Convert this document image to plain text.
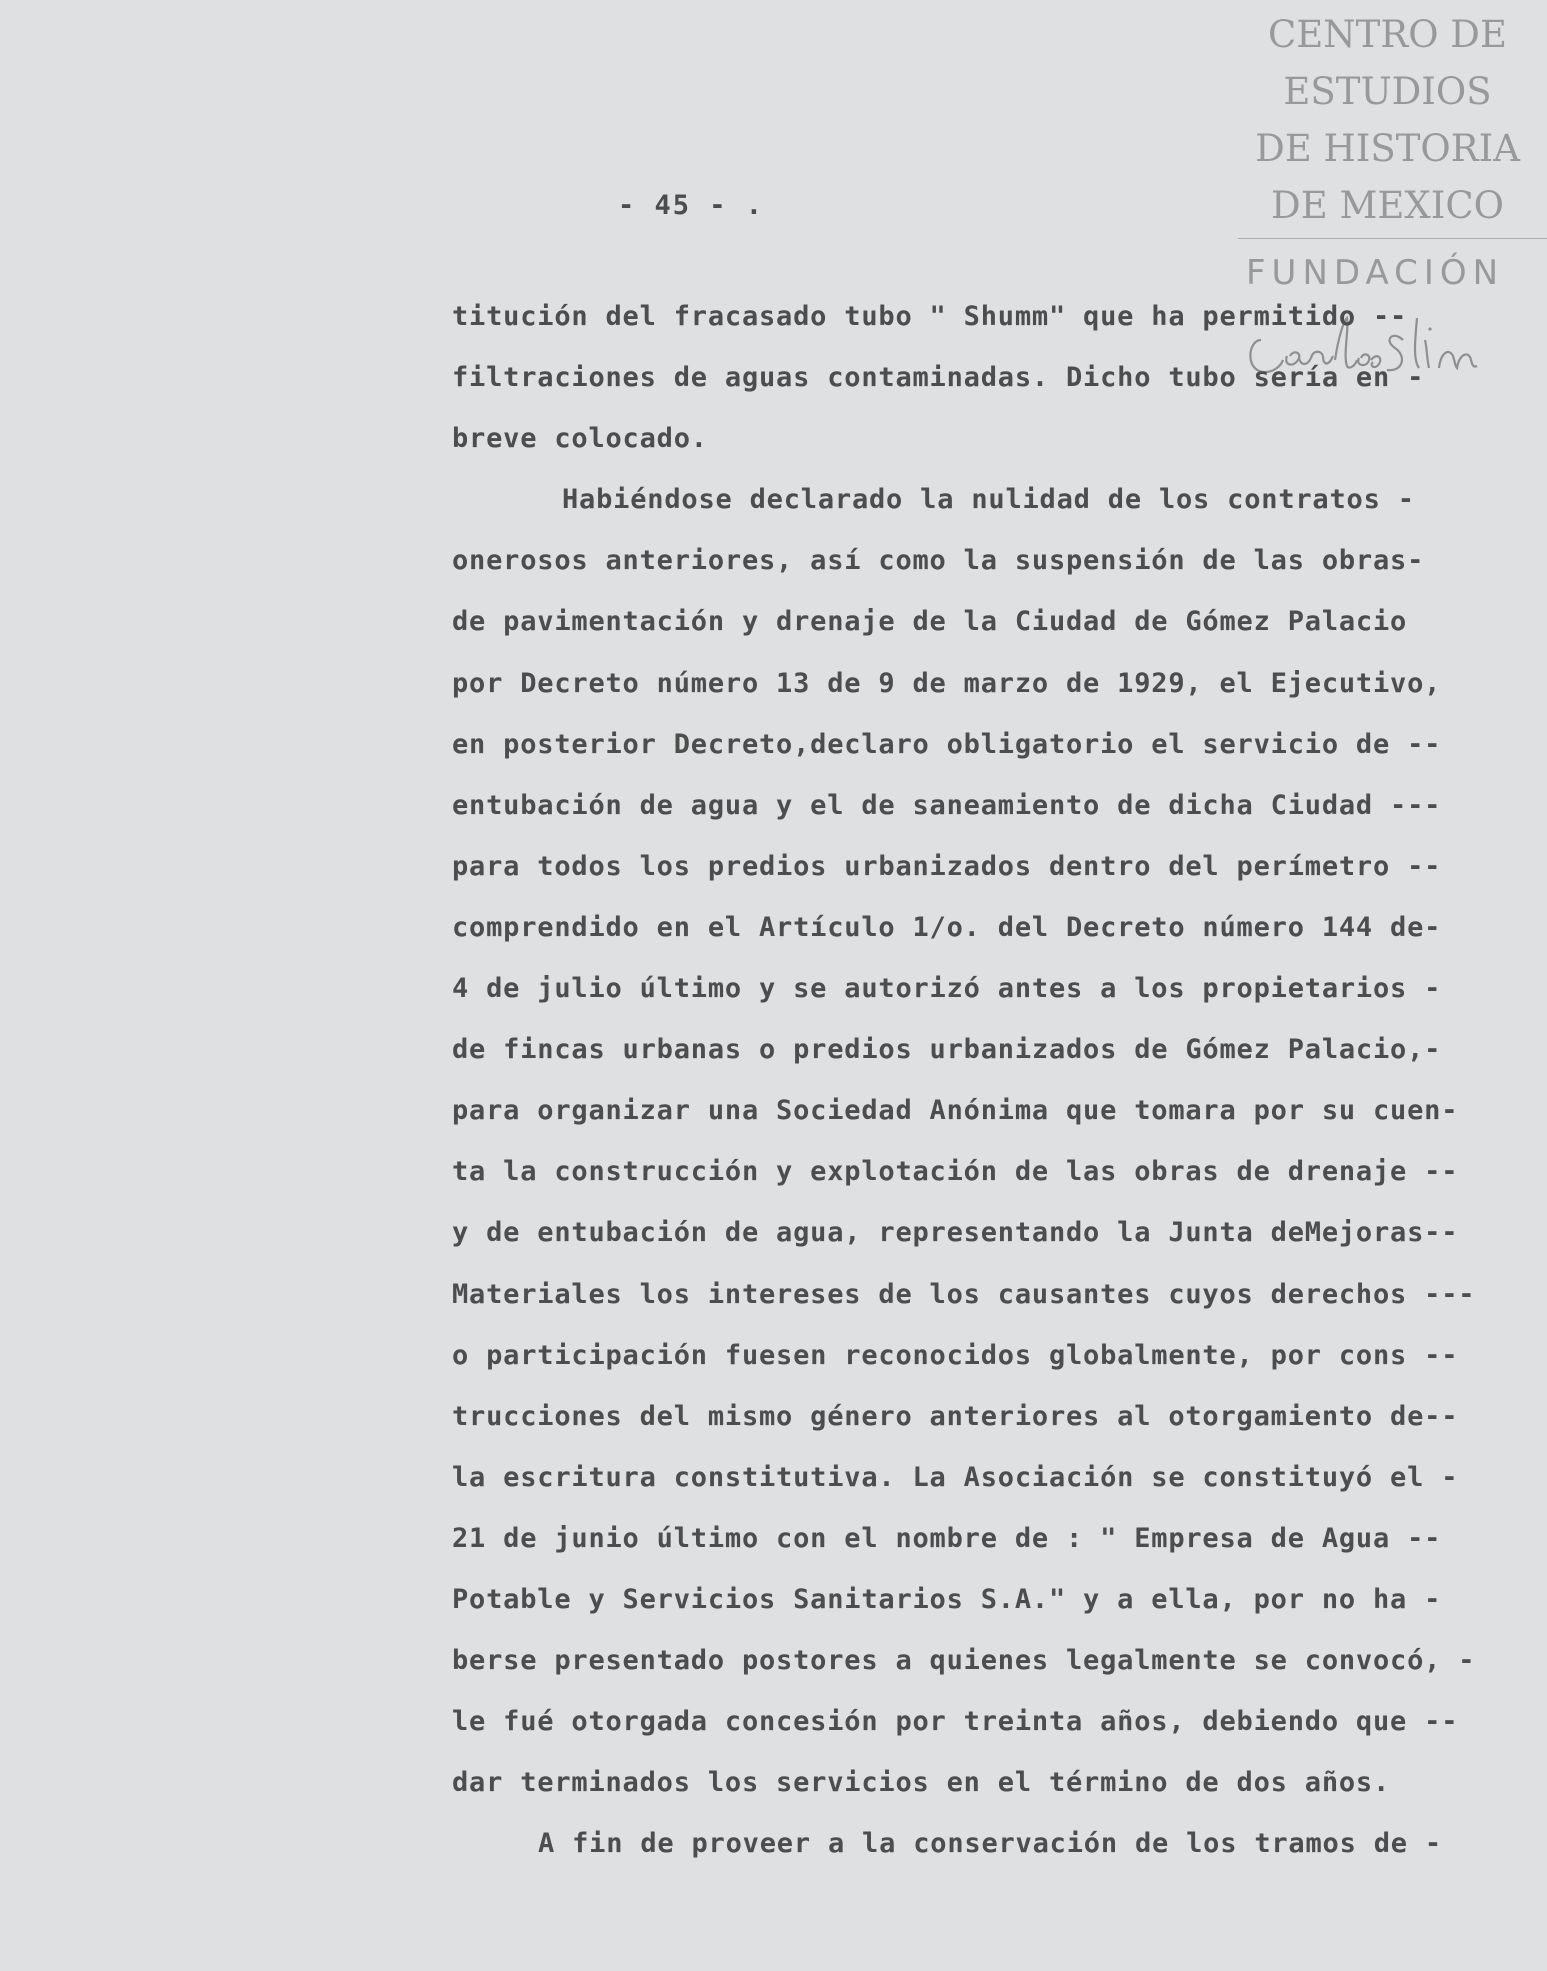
CENTRO DE
ESTUDIOS
DE HISTORIA
DE MEXICO
FUNDACIÓN
- 45 - .
titución del fracasado tubo " Shumm" que ha permitido --
filtraciones de aguas contaminadas. Dicho tubo sería en -
breve colocado.
Habiéndose declarado la nulidad de los contratos -
onerosos anteriores, así como la suspensión de las obras-
de pavimentación y drenaje de la Ciudad de Gómez Palacio
por Decreto número 13 de 9 de marzo de 1929, el Ejecutivo,
en posterior Decreto,declaro obligatorio el servicio de --
entubación de agua y el de saneamiento de dicha Ciudad ---
para todos los predios urbanizados dentro del perímetro --
comprendido en el Artículo 1/o. del Decreto número 144 de-
4 de julio último y se autorizó antes a los propietarios -
de fincas urbanas o predios urbanizados de Gómez Palacio,-
para organizar una Sociedad Anónima que tomara por su cuen-
ta la construcción y explotación de las obras de drenaje --
y de entubación de agua, representando la Junta deMejoras--
Materiales los intereses de los causantes cuyos derechos ---
o participación fuesen reconocidos globalmente, por cons --
trucciones del mismo género anteriores al otorgamiento de--
la escritura constitutiva. La Asociación se constituyó el -
21 de junio último con el nombre de : " Empresa de Agua --
Potable y Servicios Sanitarios S.A." y a ella, por no ha -
berse presentado postores a quienes legalmente se convocó, -
le fué otorgada concesión por treinta años, debiendo que --
dar terminados los servicios en el término de dos años.
A fin de proveer a la conservación de los tramos de -
